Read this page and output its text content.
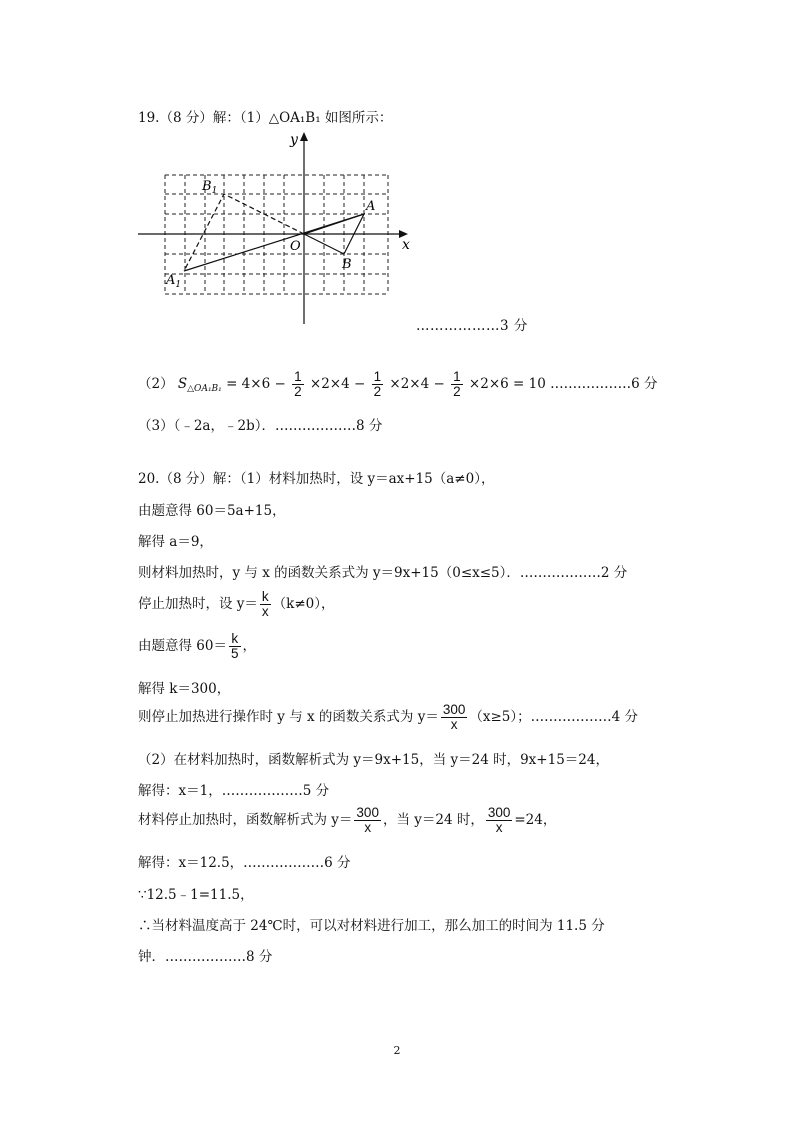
19.（8 分）解：（1）△OA₁B₁ 如图所示：
y
x
O
A
B
$A_1$
$B_1$
………………3 分
（2） $S_{\triangle OA_1B_1} = 4\times 6 - \frac{1}{2} \times 2\times 4 - \frac{1}{2} \times 2\times 4 - \frac{1}{2} \times 2\times 6 = 10$ ………………6 分
（3）（﹣2a，﹣2b）．………………8 分
20.（8 分）解：（1）材料加热时，设 y＝ax+15（a≠0），
由题意得 60＝5a+15，
解得 a＝9，
则材料加热时，y 与 x 的函数关系式为 y＝9x+15（0≤x≤5）．………………2 分
停止加热时，设 $y= \frac{k}{x} (k\ne 0)$，
由题意得 $60= \frac{k}{5}$ ，
解得 k＝300，
则停止加热进行操作时 y 与 x 的函数关系式为 $y= \frac{300}{x} (x\ge 5)$；………………4 分
（2）在材料加热时，函数解析式为 y＝9x+15，当 y＝24 时，9x+15＝24，
解得：x＝1，………………5 分
材料停止加热时，函数解析式为 $y= \frac{300}{x}$ ，当 y＝24 时， $\frac{300}{x} =24$，
解得：x＝12.5，………………6 分
∵12.5﹣1=11.5，
∴当材料温度高于 24℃时，可以对材料进行加工，那么加工的时间为 11.5 分
钟．………………8 分
2
